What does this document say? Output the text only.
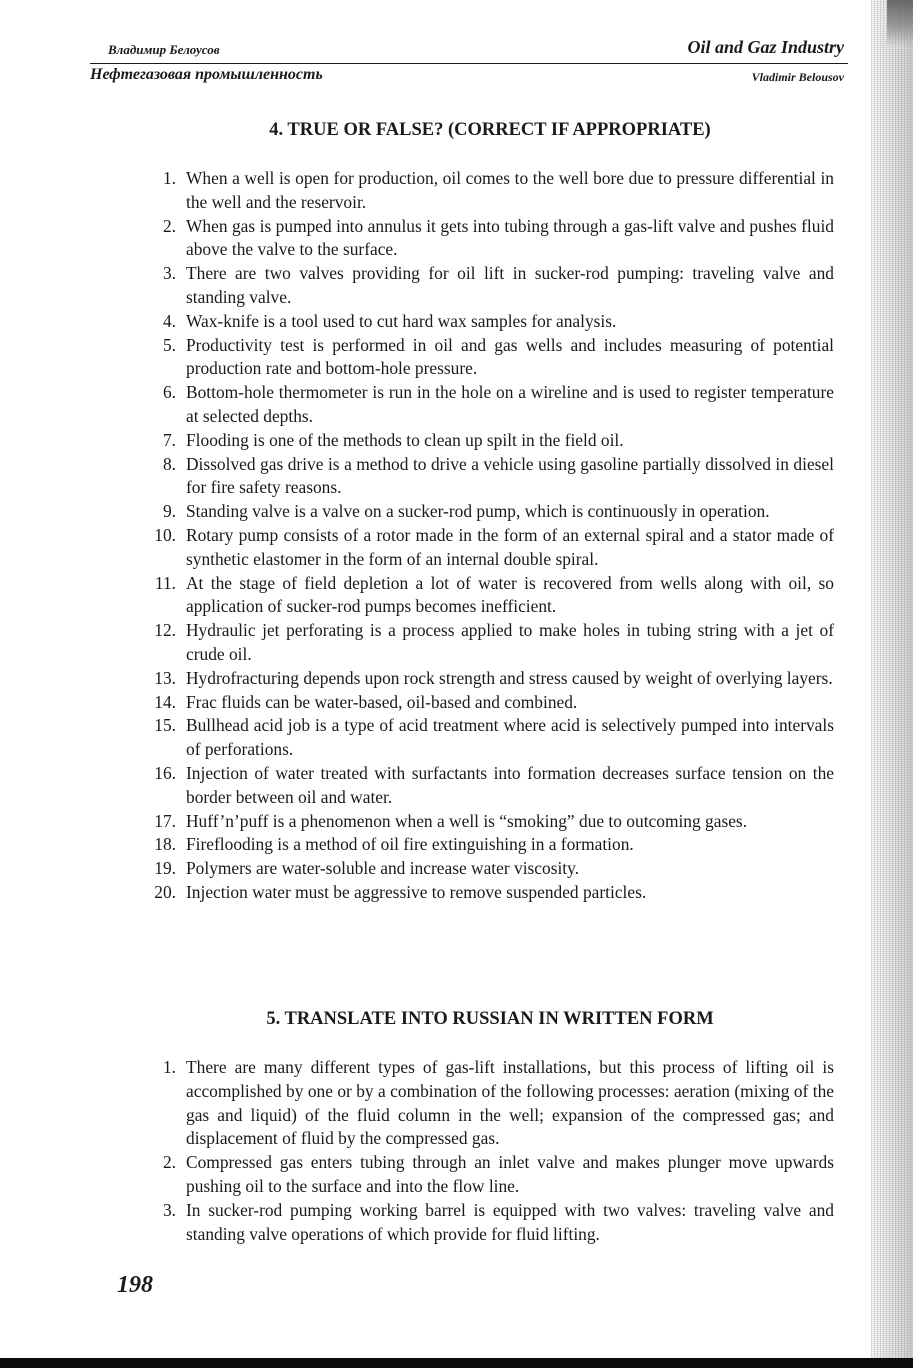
Владимир Белоусов	Oil and Gaz Industry
Нефтегазовая промышленность	Vladimir Belousov
4. TRUE OR FALSE? (CORRECT IF APPROPRIATE)
1. When a well is open for production, oil comes to the well bore due to pressure differential in the well and the reservoir.
2. When gas is pumped into annulus it gets into tubing through a gas-lift valve and pushes fluid above the valve to the surface.
3. There are two valves providing for oil lift in sucker-rod pumping: traveling valve and standing valve.
4. Wax-knife is a tool used to cut hard wax samples for analysis.
5. Productivity test is performed in oil and gas wells and includes measuring of potential production rate and bottom-hole pressure.
6. Bottom-hole thermometer is run in the hole on a wireline and is used to register temperature at selected depths.
7. Flooding is one of the methods to clean up spilt in the field oil.
8. Dissolved gas drive is a method to drive a vehicle using gasoline partially dissolved in diesel for fire safety reasons.
9. Standing valve is a valve on a sucker-rod pump, which is continuously in operation.
10. Rotary pump consists of a rotor made in the form of an external spiral and a stator made of synthetic elastomer in the form of an internal double spiral.
11. At the stage of field depletion a lot of water is recovered from wells along with oil, so application of sucker-rod pumps becomes inefficient.
12. Hydraulic jet perforating is a process applied to make holes in tubing string with a jet of crude oil.
13. Hydrofracturing depends upon rock strength and stress caused by weight of overlying layers.
14. Frac fluids can be water-based, oil-based and combined.
15. Bullhead acid job is a type of acid treatment where acid is selectively pumped into intervals of perforations.
16. Injection of water treated with surfactants into formation decreases surface tension on the border between oil and water.
17. Huff’n’puff is a phenomenon when a well is “smoking” due to outcoming gases.
18. Fireflooding is a method of oil fire extinguishing in a formation.
19. Polymers are water-soluble and increase water viscosity.
20. Injection water must be aggressive to remove suspended particles.
5. TRANSLATE INTO RUSSIAN IN WRITTEN FORM
1. There are many different types of gas-lift installations, but this process of lifting oil is accomplished by one or by a combination of the following processes: aeration (mixing of the gas and liquid) of the fluid column in the well; expansion of the compressed gas; and displacement of fluid by the compressed gas.
2. Compressed gas enters tubing through an inlet valve and makes plunger move upwards pushing oil to the surface and into the flow line.
3. In sucker-rod pumping working barrel is equipped with two valves: traveling valve and standing valve operations of which provide for fluid lifting.
198
